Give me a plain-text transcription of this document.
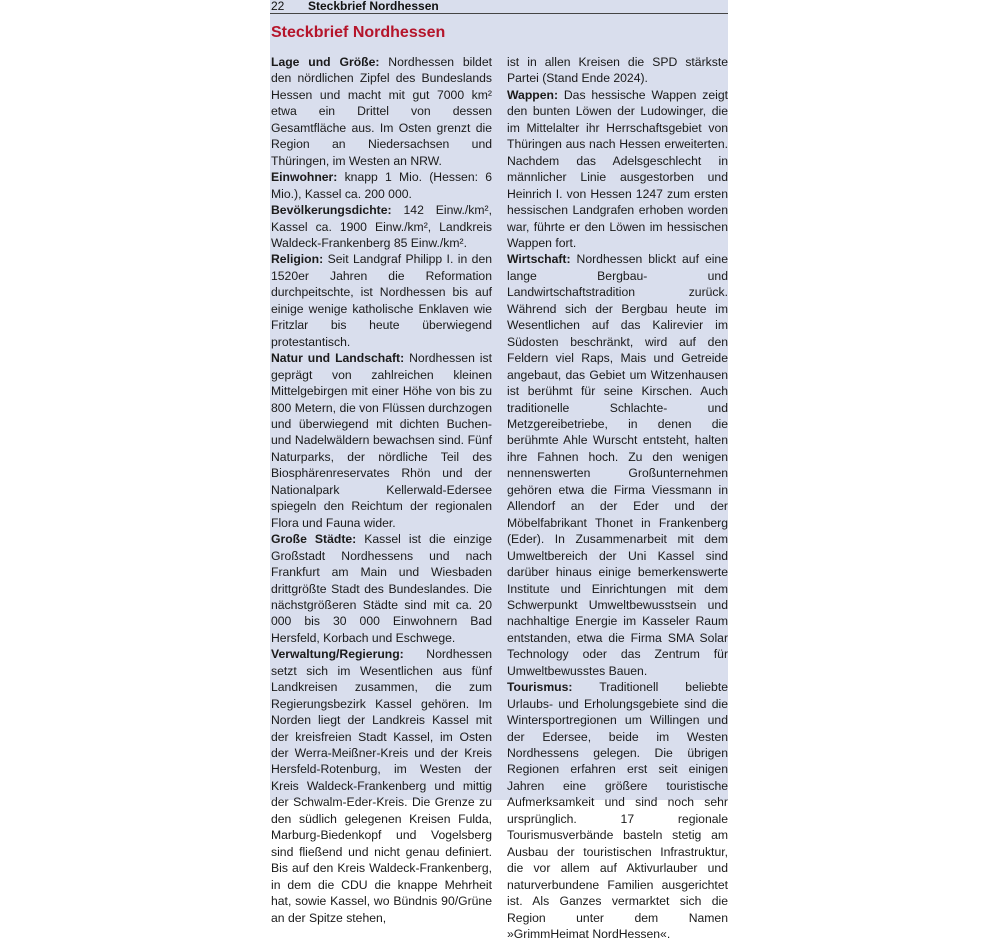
22 Steckbrief Nordhessen
Steckbrief Nordhessen

Lage und Größe: Nordhessen bildet den nördlichen Zipfel des Bundeslands Hessen und macht mit gut 7000 km² etwa ein Drittel von dessen Gesamtfläche aus. Im Osten grenzt die Region an Niedersachsen und Thüringen, im Westen an NRW.

Einwohner: knapp 1 Mio. (Hessen: 6 Mio.), Kassel ca. 200 000.

Bevölkerungsdichte: 142 Einw./km², Kassel ca. 1900 Einw./km², Landkreis Waldeck-Frankenberg 85 Einw./km².

Religion: Seit Landgraf Philipp I. in den 1520er Jahren die Reformation durchpeitschte, ist Nordhessen bis auf einige wenige katholische Enklaven wie Fritzlar bis heute überwiegend protestantisch.

Natur und Landschaft: Nordhessen ist geprägt von zahlreichen kleinen Mittelgebirgen mit einer Höhe von bis zu 800 Metern, die von Flüssen durchzogen und überwiegend mit dichten Buchen- und Nadelwäldern bewachsen sind. Fünf Naturparks, der nördliche Teil des Biosphärenreservates Rhön und der Nationalpark Kellerwald-Edersee spiegeln den Reichtum der regionalen Flora und Fauna wider.

Große Städte: Kassel ist die einzige Großstadt Nordhessens und nach Frankfurt am Main und Wiesbaden drittgrößte Stadt des Bundeslandes. Die nächstgrößeren Städte sind mit ca. 20 000 bis 30 000 Einwohnern Bad Hersfeld, Korbach und Eschwege.

Verwaltung/Regierung: Nordhessen setzt sich im Wesentlichen aus fünf Landkreisen zusammen, die zum Regierungsbezirk Kassel gehören. Im Norden liegt der Landkreis Kassel mit der kreisfreien Stadt Kassel, im Osten der Werra-Meißner-Kreis und der Kreis Hersfeld-Rotenburg, im Westen der Kreis Waldeck-Frankenberg und mittig der Schwalm-Eder-Kreis. Die Grenze zu den südlich gelegenen Kreisen Fulda, Marburg-Biedenkopf und Vogelsberg sind fließend und nicht genau definiert. Bis auf den Kreis Waldeck-Frankenberg, in dem die CDU die knappe Mehrheit hat, sowie Kassel, wo Bündnis 90/Grüne an der Spitze stehen,

ist in allen Kreisen die SPD stärkste Partei (Stand Ende 2024).

Wappen: Das hessische Wappen zeigt den bunten Löwen der Ludowinger, die im Mittelalter ihr Herrschaftsgebiet von Thüringen aus nach Hessen erweiterten. Nachdem das Adelsgeschlecht in männlicher Linie ausgestorben und Heinrich I. von Hessen 1247 zum ersten hessischen Landgrafen erhoben worden war, führte er den Löwen im hessischen Wappen fort.

Wirtschaft: Nordhessen blickt auf eine lange Bergbau- und Landwirtschaftstradition zurück. Während sich der Bergbau heute im Wesentlichen auf das Kalirevier im Südosten beschränkt, wird auf den Feldern viel Raps, Mais und Getreide angebaut, das Gebiet um Witzenhausen ist berühmt für seine Kirschen. Auch traditionelle Schlachte- und Metzgereibetriebe, in denen die berühmte Ahle Wurscht entsteht, halten ihre Fahnen hoch. Zu den wenigen nennenswerten Großunternehmen gehören etwa die Firma Viessmann in Allendorf an der Eder und der Möbelfabrikant Thonet in Frankenberg (Eder). In Zusammenarbeit mit dem Umweltbereich der Uni Kassel sind darüber hinaus einige bemerkenswerte Institute und Einrichtungen mit dem Schwerpunkt Umweltbewusstsein und nachhaltige Energie im Kasseler Raum entstanden, etwa die Firma SMA Solar Technology oder das Zentrum für Umweltbewusstes Bauen.

Tourismus: Traditionell beliebte Urlaubs- und Erholungsgebiete sind die Wintersportregionen um Willingen und der Edersee, beide im Westen Nordhessens gelegen. Die übrigen Regionen erfahren erst seit einigen Jahren eine größere touristische Aufmerksamkeit und sind noch sehr ursprünglich. 17 regionale Tourismusverbände basteln stetig am Ausbau der touristischen Infrastruktur, die vor allem auf Aktivurlauber und naturverbundene Familien ausgerichtet ist. Als Ganzes vermarktet sich die Region unter dem Namen »GrimmHeimat NordHessen«.
